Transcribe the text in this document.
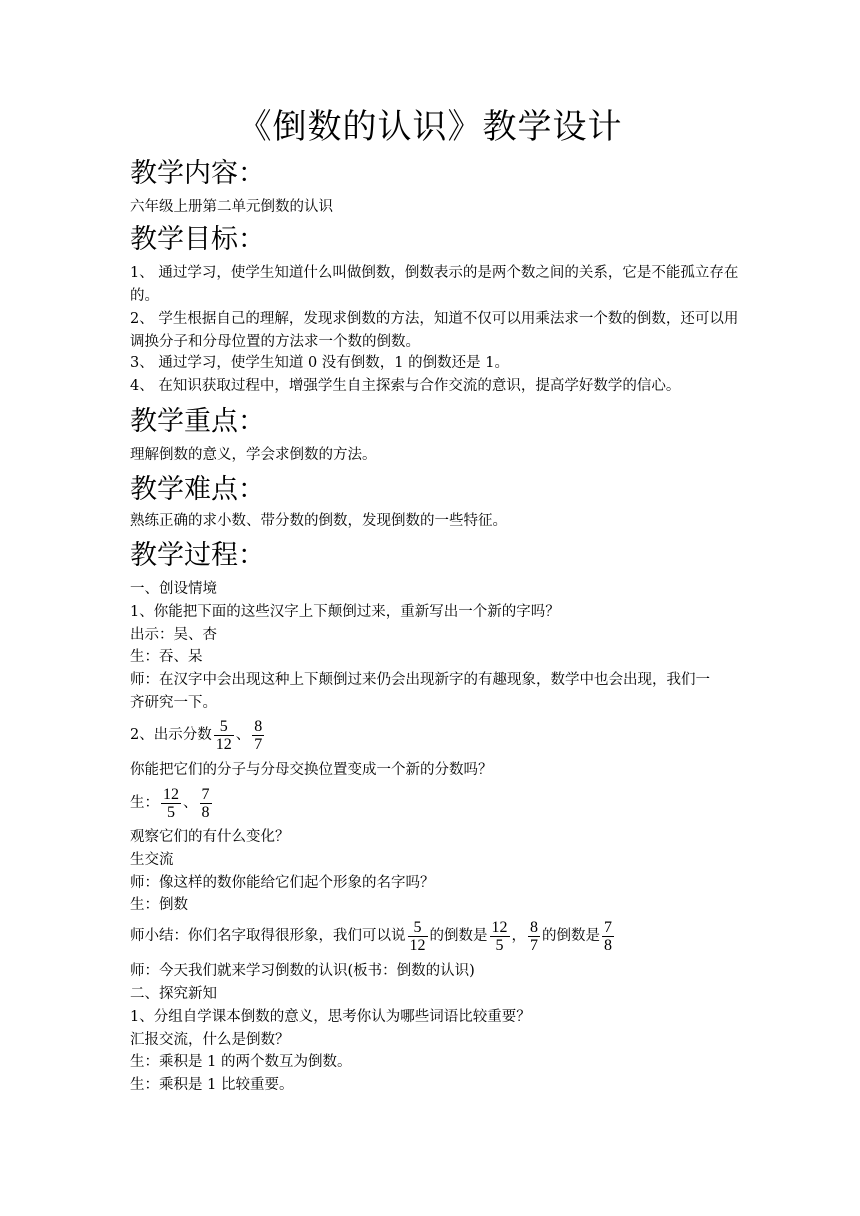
《倒数的认识》教学设计
教学内容：
六年级上册第二单元倒数的认识
教学目标：
1、 通过学习，使学生知道什么叫做倒数，倒数表示的是两个数之间的关系，它是不能孤立存在的。
2、 学生根据自己的理解，发现求倒数的方法，知道不仅可以用乘法求一个数的倒数，还可以用调换分子和分母位置的方法求一个数的倒数。
3、 通过学习，使学生知道 0 没有倒数，1 的倒数还是 1。
4、 在知识获取过程中，增强学生自主探索与合作交流的意识，提高学好数学的信心。
教学重点：
理解倒数的意义，学会求倒数的方法。
教学难点：
熟练正确的求小数、带分数的倒数，发现倒数的一些特征。
教学过程：
一、创设情境
1、你能把下面的这些汉字上下颠倒过来，重新写出一个新的字吗？
出示：吴、杏
生：吞、呆
师：在汉字中会出现这种上下颠倒过来仍会出现新字的有趣现象，数学中也会出现，我们一
齐研究一下。
2、出示分数 $\frac{5}{12}$ 、 $\frac{8}{7}$
你能把它们的分子与分母交换位置变成一个新的分数吗？
生： $\frac{12}{5}$ 、 $\frac{7}{8}$
观察它们的有什么变化？
生交流
师：像这样的数你能给它们起个形象的名字吗？
生：倒数
师小结：你们名字取得很形象，我们可以说 $\frac{5}{12}$ 的倒数是 $\frac{12}{5}$ ， $\frac{8}{7}$ 的倒数是 $\frac{7}{8}$
师：今天我们就来学习倒数的认识(板书：倒数的认识)
二、探究新知
1、分组自学课本倒数的意义，思考你认为哪些词语比较重要？
汇报交流，什么是倒数？
生：乘积是 1 的两个数互为倒数。
生：乘积是 1 比较重要。
